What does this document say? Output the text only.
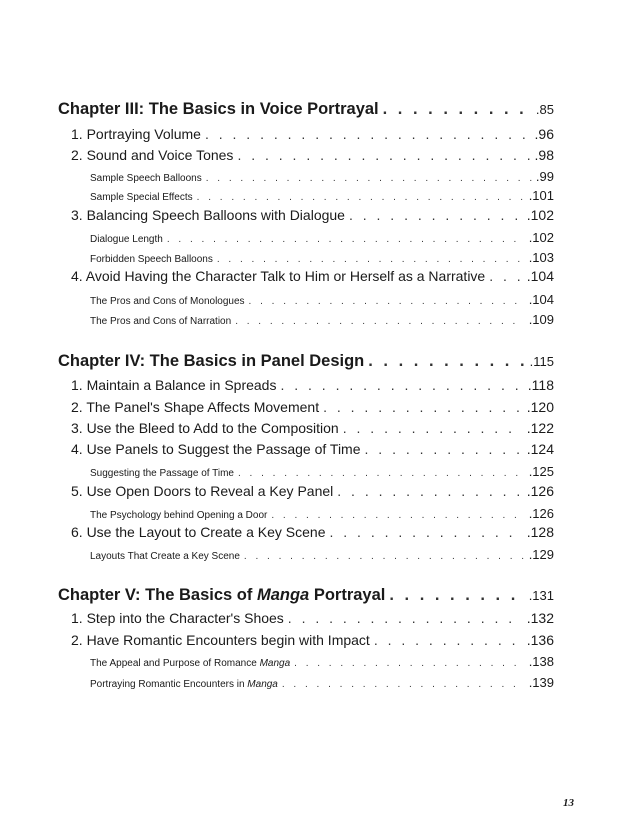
Chapter III: The Basics in Voice Portrayal . . .	.85
1. Portraying Volume . . .	.96
2. Sound and Voice Tones . . .	.98
Sample Speech Balloons . . .	.99
Sample Special Effects . . .	.101
3. Balancing Speech Balloons with Dialogue . . .	.102
Dialogue Length . . .	.102
Forbidden Speech Balloons . . .	.103
4. Avoid Having the Character Talk to Him or Herself as a Narrative . . .	.104
The Pros and Cons of Monologues . . .	.104
The Pros and Cons of Narration . . .	.109
Chapter IV: The Basics in Panel Design . . .	.115
1. Maintain a Balance in Spreads . . .	.118
2. The Panel's Shape Affects Movement . . .	.120
3. Use the Bleed to Add to the Composition . . .	.122
4. Use Panels to Suggest the Passage of Time . . .	.124
Suggesting the Passage of Time . . .	.125
5. Use Open Doors to Reveal a Key Panel . . .	.126
The Psychology behind Opening a Door . . .	.126
6. Use the Layout to Create a Key Scene . . .	.128
Layouts That Create a Key Scene . . .	.129
Chapter V: The Basics of Manga Portrayal . . .	.131
1. Step into the Character's Shoes . . .	.132
2. Have Romantic Encounters begin with Impact . . .	.136
The Appeal and Purpose of Romance Manga . . .	.138
Portraying Romantic Encounters in Manga . . .	.139
13
